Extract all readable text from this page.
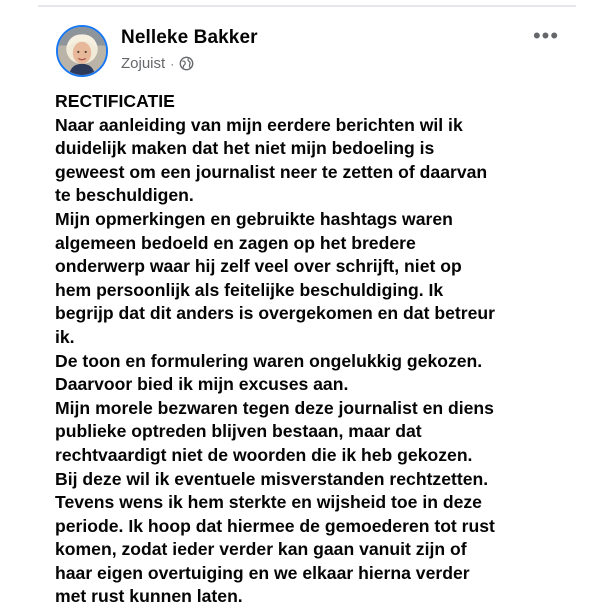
Nelleke Bakker
Zojuist ·
•••

RECTIFICATIE

Naar aanleiding van mijn eerdere berichten wil ik

duidelijk maken dat het niet mijn bedoeling is

geweest om een journalist neer te zetten of daarvan

te beschuldigen.

Mijn opmerkingen en gebruikte hashtags waren

algemeen bedoeld en zagen op het bredere

onderwerp waar hij zelf veel over schrijft, niet op

hem persoonlijk als feitelijke beschuldiging. Ik

begrijp dat dit anders is overgekomen en dat betreur

ik.

De toon en formulering waren ongelukkig gekozen.

Daarvoor bied ik mijn excuses aan.

Mijn morele bezwaren tegen deze journalist en diens

publieke optreden blijven bestaan, maar dat

rechtvaardigt niet de woorden die ik heb gekozen.

Bij deze wil ik eventuele misverstanden rechtzetten.

Tevens wens ik hem sterkte en wijsheid toe in deze

periode. Ik hoop dat hiermee de gemoederen tot rust

komen, zodat ieder verder kan gaan vanuit zijn of

haar eigen overtuiging en we elkaar hierna verder

met rust kunnen laten.
